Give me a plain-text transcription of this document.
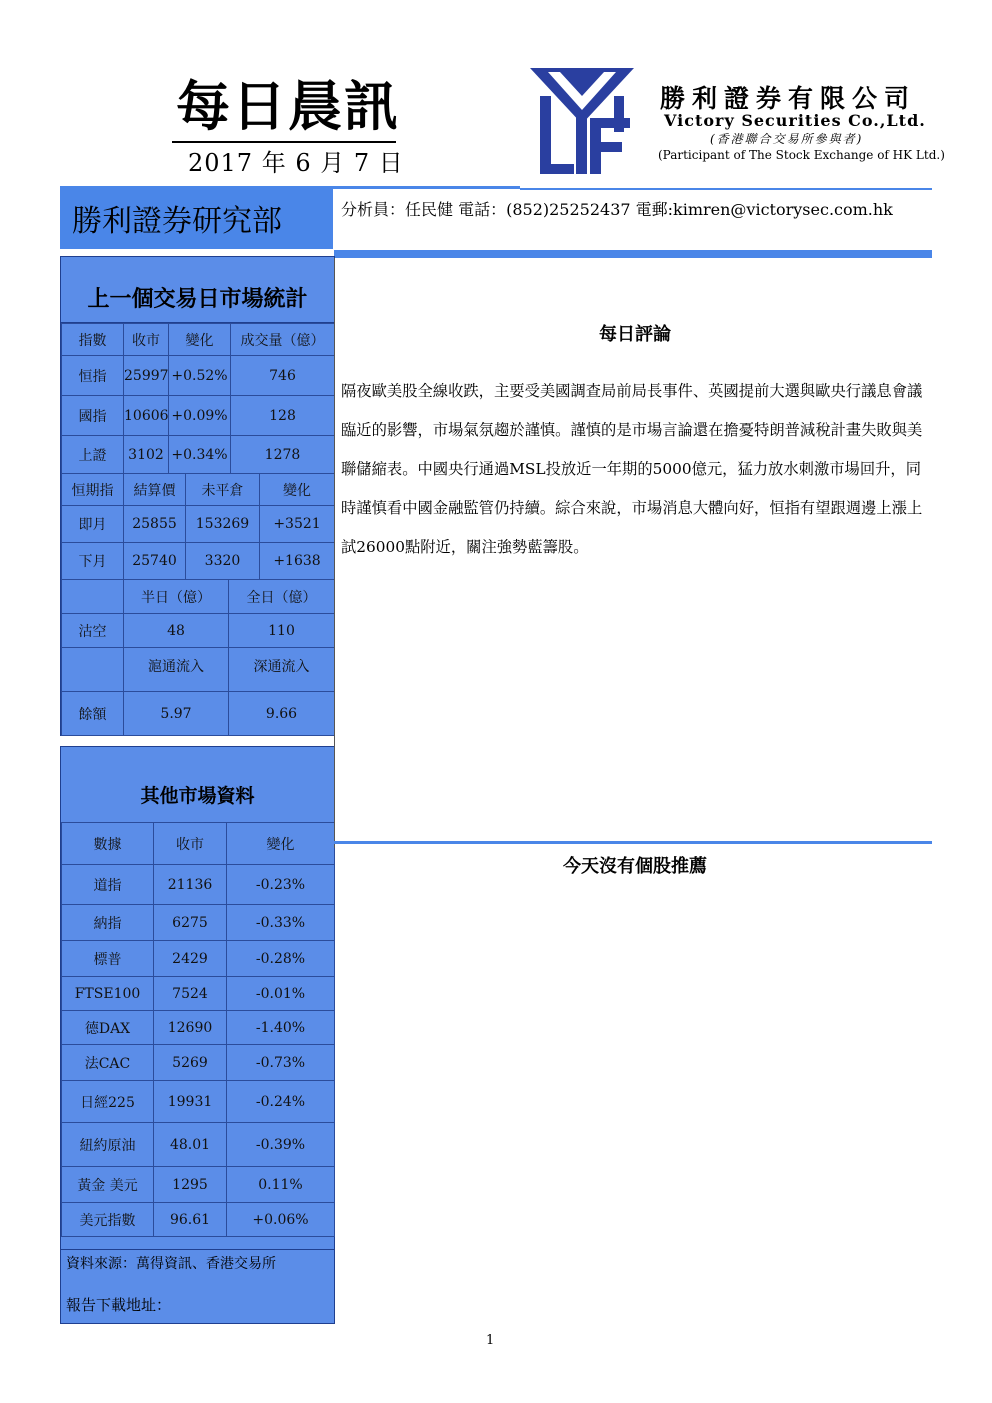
每日晨訊
2017 年 6 月 7 日
勝利證券有限公司
Victory Securities Co.,Ltd.
(香港聯合交易所參與者)
(Participant of The Stock Exchange of HK Ltd.)
勝利證券研究部	分析員：任民健 電話：(852)25252437 電郵:kimren@victorysec.com.hk
上一個交易日市場統計
指數	收市	變化	成交量（億）
恒指	25997	+0.52%	746
國指	10606	+0.09%	128
上證	3102	+0.34%	1278
恒期指	結算價	未平倉	變化
即月	25855	153269	+3521
下月	25740	3320	+1638
	半日（億）	全日（億）
沽空	48	110
	滬通流入	深通流入
餘額	5.97	9.66
其他市場資料
數據	收市	變化
道指	21136	-0.23%
納指	6275	-0.33%
標普	2429	-0.28%
FTSE100	7524	-0.01%
德DAX	12690	-1.40%
法CAC	5269	-0.73%
日經225	19931	-0.24%
紐約原油	48.01	-0.39%
黃金 美元	1295	0.11%
美元指數	96.61	+0.06%
資料來源：萬得資訊、香港交易所
報告下載地址：
每日評論
隔夜歐美股全線收跌，主要受美國調查局前局長事件、英國提前大選與歐央行議息會議臨近的影響，市場氣氛趨於謹慎。謹慎的是市場言論還在擔憂特朗普減稅計畫失敗與美聯儲縮表。中國央行通過MSL投放近一年期的5000億元，猛力放水刺激市場回升，同時謹慎看中國金融監管仍持續。綜合來說，市場消息大體向好，恒指有望跟週邊上漲上試26000點附近，關注強勢藍籌股。
今天沒有個股推薦
1
